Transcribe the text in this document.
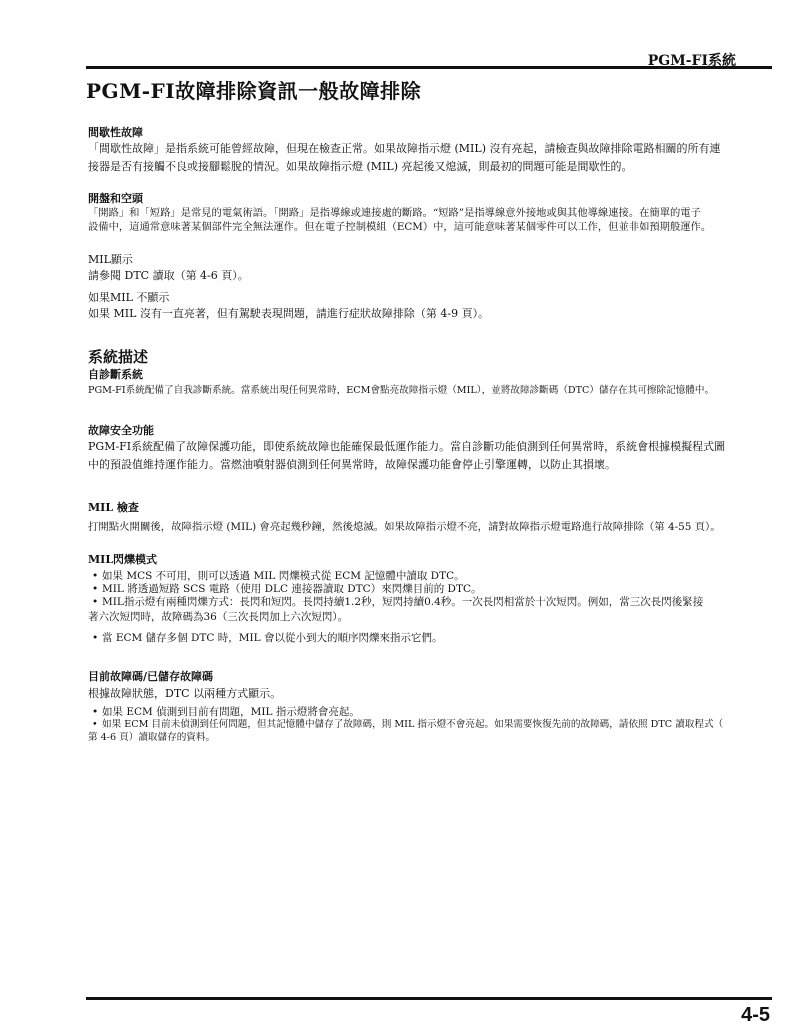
PGM-FI系統
PGM-FI故障排除資訊一般故障排除

間歇性故障

「間歇性故障」是指系統可能曾經故障，但現在檢查正常。如果故障指示燈 (MIL) 沒有亮起，請檢查與故障排除電路相關的所有連

接器是否有接觸不良或接腳鬆脫的情況。如果故障指示燈 (MIL) 亮起後又熄滅，則最初的問題可能是間歇性的。

開盤和空頭

「開路」和「短路」是常見的電氣術語。「開路」是指導線或連接處的斷路。“短路”是指導線意外接地或與其他導線連接。在簡單的電子

設備中，這通常意味著某個部件完全無法運作。但在電子控制模組（ECM）中，這可能意味著某個零件可以工作，但並非如預期般運作。

MIL顯示

請參閱 DTC 讀取（第 4-6 頁）。

如果MIL 不顯示

如果 MIL 沒有一直亮著，但有駕駛表現問題，請進行症狀故障排除（第 4-9 頁）。

系統描述

自診斷系統

PGM-FI系統配備了自我診斷系統。當系統出現任何異常時，ECM會點亮故障指示燈（MIL），並將故障診斷碼（DTC）儲存在其可擦除記憶體中。

故障安全功能

PGM-FI系統配備了故障保護功能，即使系統故障也能確保最低運作能力。當自診斷功能偵測到任何異常時，系統會根據模擬程式圖

中的預設值維持運作能力。當燃油噴射器偵測到任何異常時，故障保護功能會停止引擎運轉，以防止其損壞。

MIL 檢查

打開點火開關後，故障指示燈 (MIL) 會亮起幾秒鐘，然後熄滅。如果故障指示燈不亮，請對故障指示燈電路進行故障排除（第 4-55 頁）。

MIL閃爍模式

• 如果 MCS 不可用，則可以透過 MIL 閃爍模式從 ECM 記憶體中讀取 DTC。
• MIL 將透過短路 SCS 電路（使用 DLC 連接器讀取 DTC）來閃爍目前的 DTC。
• MIL指示燈有兩種閃爍方式：長閃和短閃。長閃持續1.2秒，短閃持續0.4秒。一次長閃相當於十次短閃。例如，當三次長閃後緊接

著六次短閃時，故障碼為36（三次長閃加上六次短閃）。

• 當 ECM 儲存多個 DTC 時，MIL 會以從小到大的順序閃爍來指示它們。

目前故障碼/已儲存故障碼

根據故障狀態，DTC 以兩種方式顯示。

• 如果 ECM 偵測到目前有問題，MIL 指示燈將會亮起。
• 如果 ECM 目前未偵測到任何問題，但其記憶體中儲存了故障碼，則 MIL 指示燈不會亮起。如果需要恢復先前的故障碼，請依照 DTC 讀取程式（

第 4-6 頁）讀取儲存的資料。

4-5
